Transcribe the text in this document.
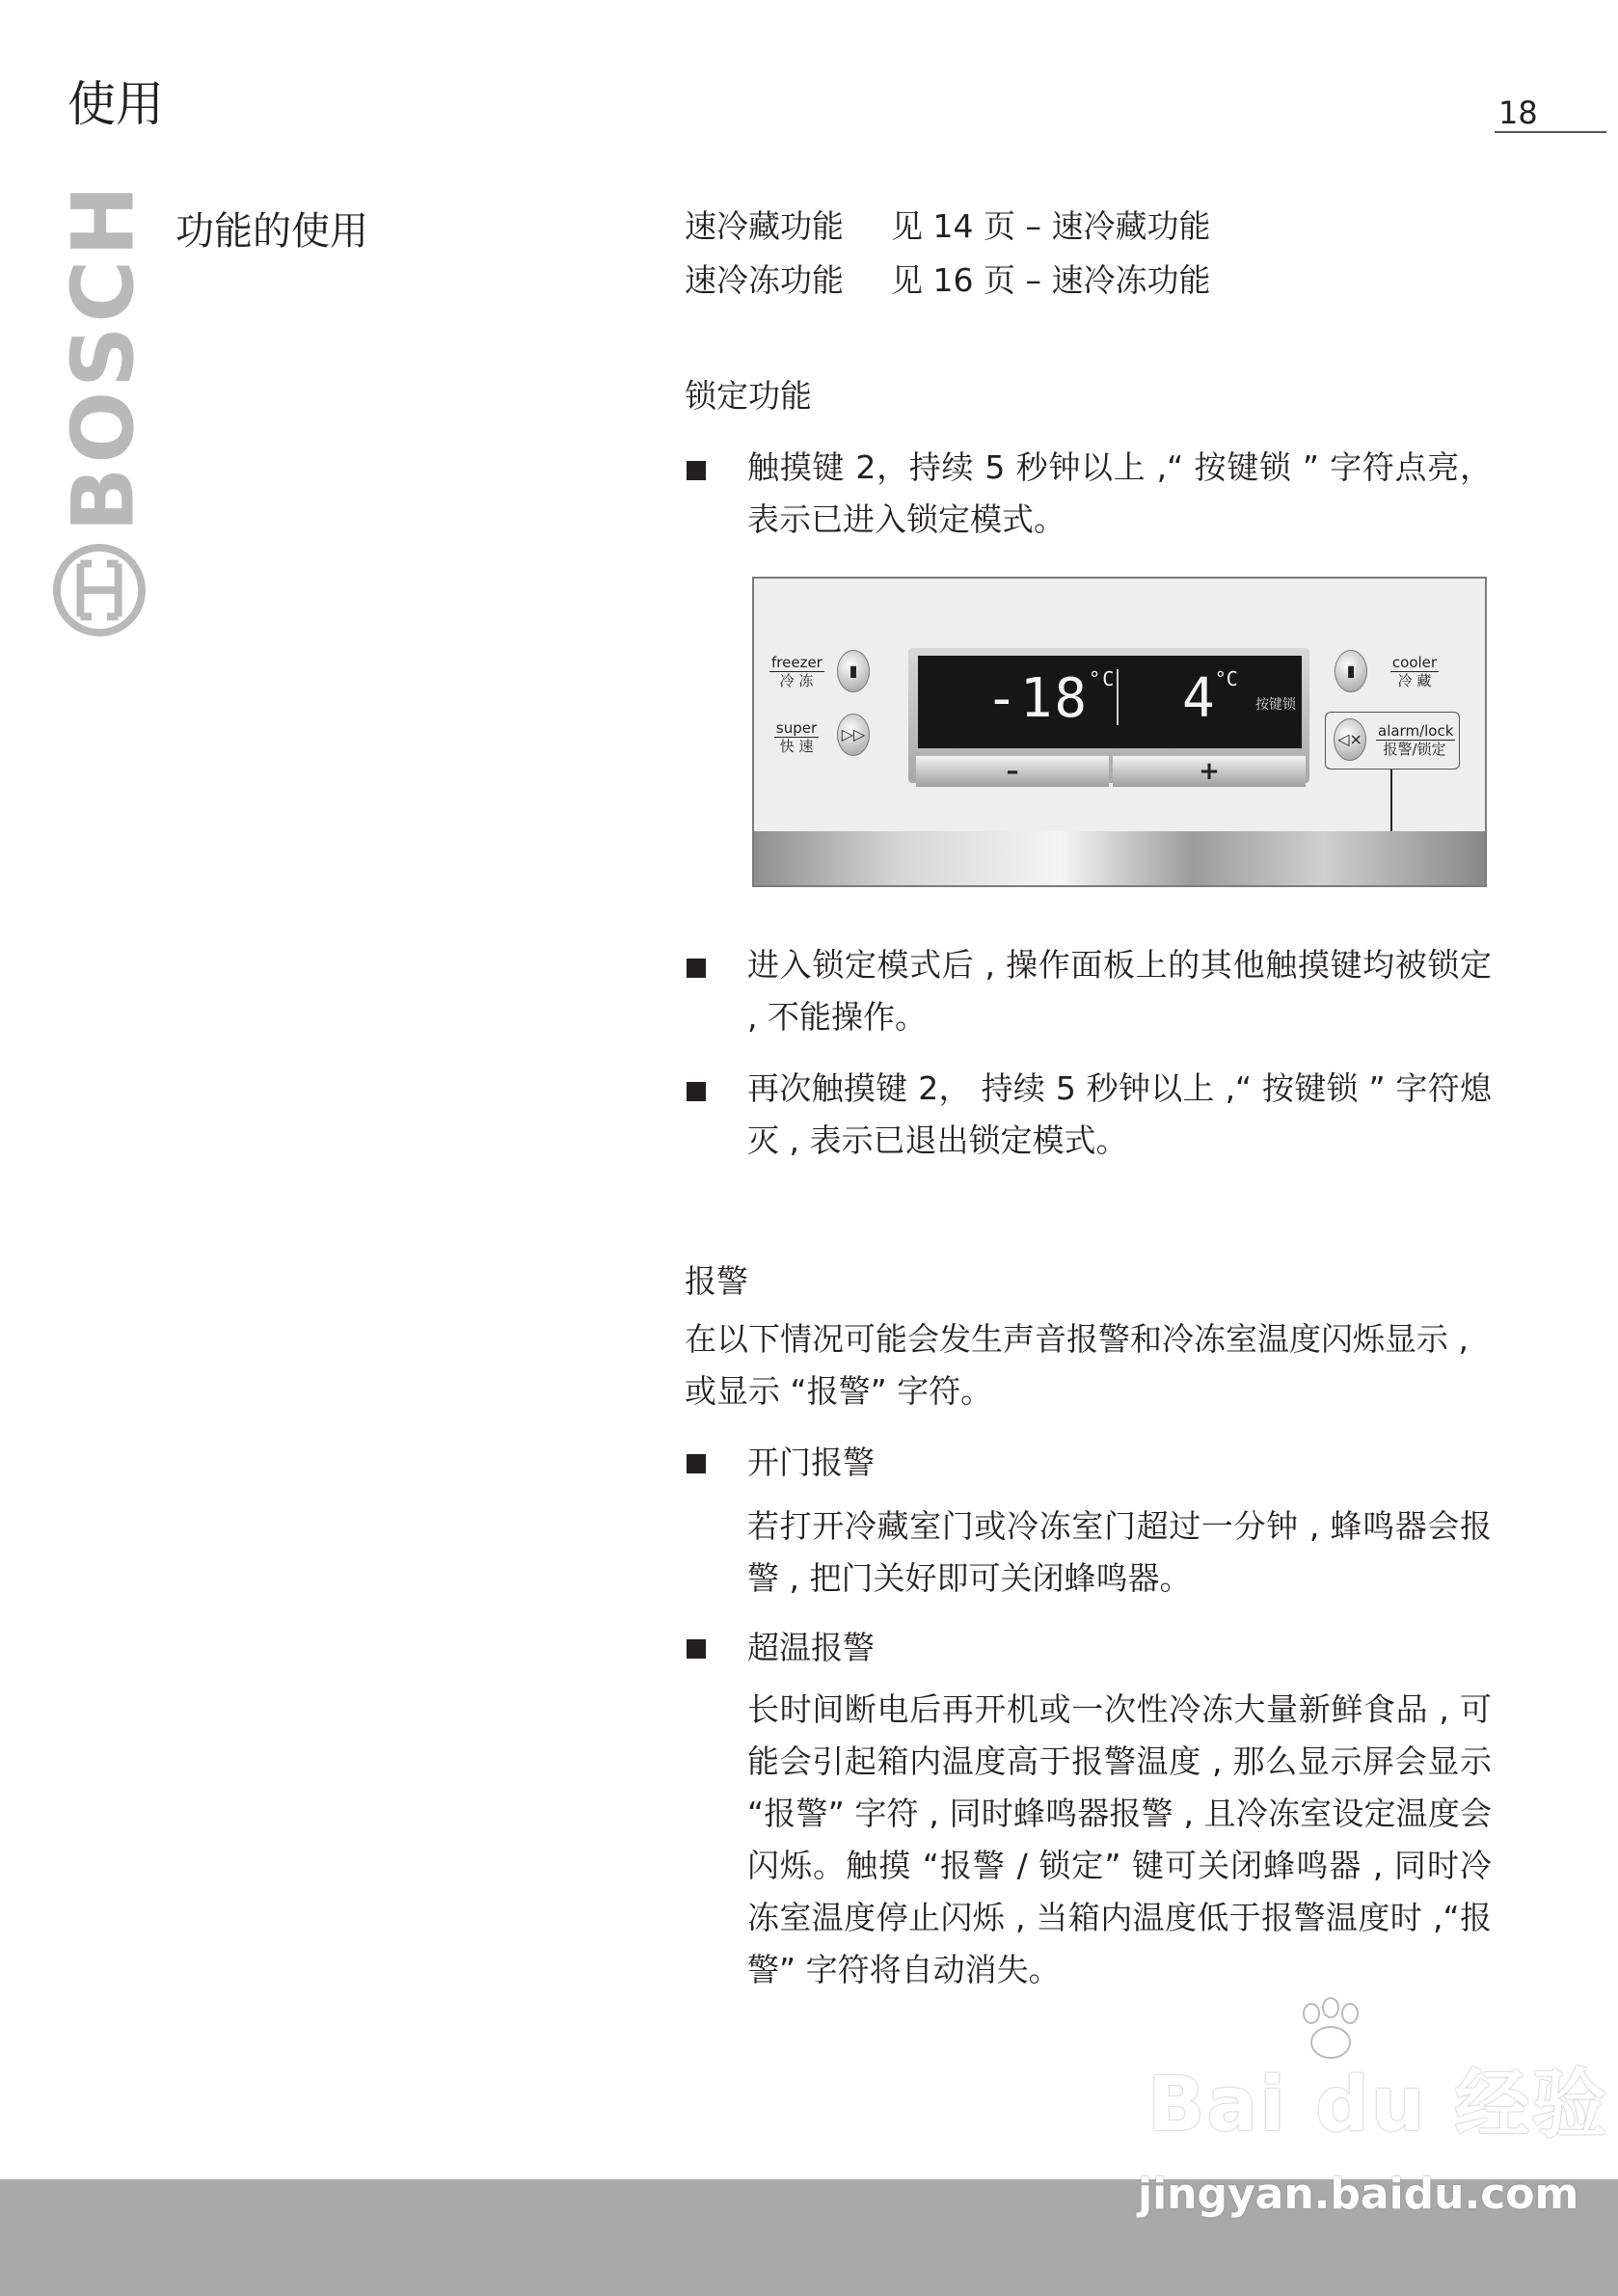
使用	18
BOSCH 功能的使用	速冷藏功能 见 14 页 – 速冷藏功能
速冷冻功能 见 16 页 – 速冷冻功能
锁定功能
触摸键 2，持续 5 秒钟以上 ,“ 按键锁 ” 字符点亮，表示已进入锁定模式。
freezer
冷 冻
▮
super
快 速
▷▷
$-18^{^\circ C}$ $4^{^\circ C}$
按键锁
–	+
▮	cooler
冷 藏
◁× alarm/lock
报警/锁定
进入锁定模式后 , 操作面板上的其他触摸键均被锁定 , 不能操作。
再次触摸键 2， 持续 5 秒钟以上 ,“ 按键锁 ” 字符熄灭 , 表示已退出锁定模式。
报警
在以下情况可能会发生声音报警和冷冻室温度闪烁显示 , 或显示 “报警” 字符。
开门报警
若打开冷藏室门或冷冻室门超过一分钟 , 蜂鸣器会报警 , 把门关好即可关闭蜂鸣器。
超温报警
长时间断电后再开机或一次性冷冻大量新鲜食品 , 可能会引起箱内温度高于报警温度 , 那么显示屏会显示 “报警” 字符 , 同时蜂鸣器报警 , 且冷冻室设定温度会闪烁。触摸 “报警 / 锁定” 键可关闭蜂鸣器 , 同时冷冻室温度停止闪烁 , 当箱内温度低于报警温度时 ,“报警” 字符将自动消失。
Bai du 经验
jingyan.baidu.com
